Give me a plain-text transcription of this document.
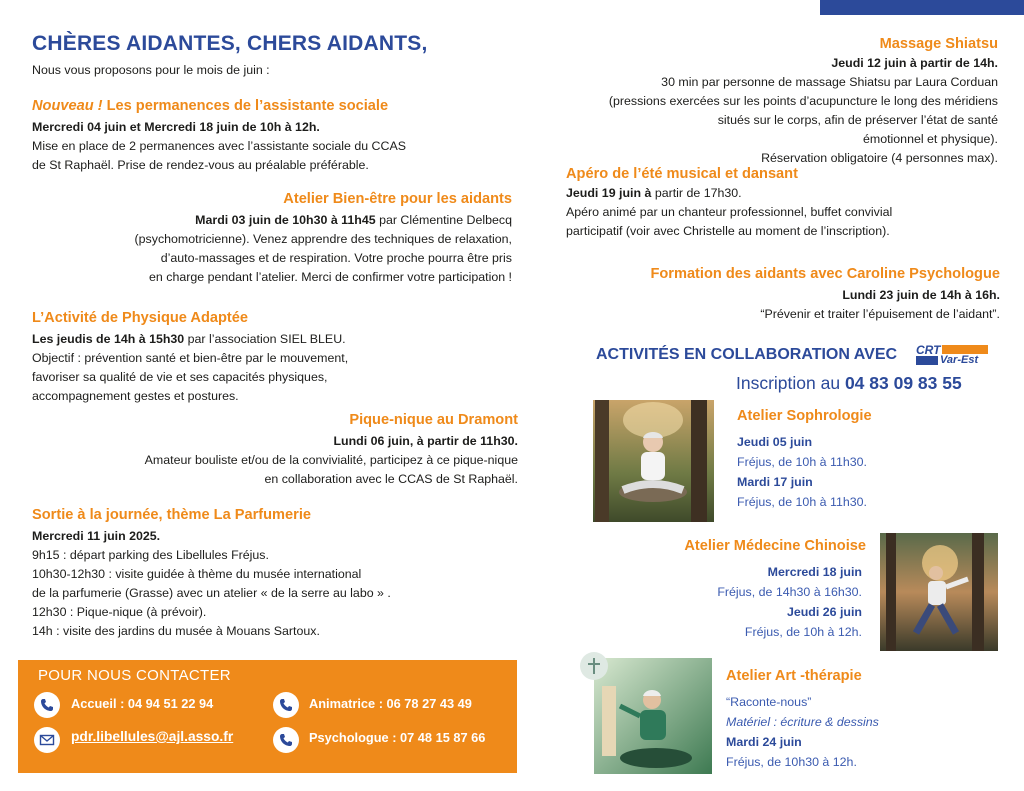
CHÈRES AIDANTES, CHERS AIDANTS,
Nous vous proposons pour le mois de juin :
Nouveau ! Les permanences de l’assistante sociale
Mercredi 04 juin et Mercredi 18 juin de 10h à 12h.
Mise en place de 2 permanences avec l’assistante sociale du CCAS
de St Raphaël. Prise de rendez-vous au préalable préférable.
Atelier Bien-être pour les aidants
Mardi 03 juin de 10h30 à 11h45 par Clémentine Delbecq
(psychomotricienne). Venez apprendre des techniques de relaxation,
d’auto-massages et de respiration. Votre proche pourra être pris
en charge pendant l’atelier. Merci de confirmer votre participation !
L’Activité de Physique Adaptée
Les jeudis de 14h à 15h30 par l’association SIEL BLEU.
Objectif : prévention santé et bien-être par le mouvement,
favoriser sa qualité de vie et ses capacités physiques,
accompagnement gestes et postures.
Pique-nique au Dramont
Lundi 06 juin, à partir de 11h30.
Amateur bouliste et/ou de la convivialité, participez à ce pique-nique
en collaboration avec le CCAS de St Raphaël.
Sortie à la journée, thème La Parfumerie
Mercredi 11 juin 2025.
9h15 : départ parking des Libellules Fréjus.
10h30-12h30 : visite guidée à thème du musée international
de la parfumerie (Grasse) avec un atelier « de la serre au labo » .
12h30 : Pique-nique (à prévoir).
14h : visite des jardins du musée à Mouans Sartoux.
POUR NOUS CONTACTER
Accueil : 04 94 51 22 94	Animatrice : 06 78 27 43 49
pdr.libellules@ajl.asso.fr	Psychologue : 07 48 15 87 66
Massage Shiatsu
Jeudi 12 juin à partir de 14h.
30 min par personne de massage Shiatsu par Laura Corduan
(pressions exercées sur les points d’acupuncture le long des méridiens
situés sur le corps, afin de préserver l’état de santé
émotionnel et physique).
Réservation obligatoire (4 personnes max).
Apéro de l’été musical et dansant
Jeudi 19 juin à partir de 17h30.
Apéro animé par un chanteur professionnel, buffet convivial
participatif (voir avec Christelle au moment de l’inscription).
Formation des aidants avec Caroline Psychologue
Lundi 23 juin de 14h à 16h.
“Prévenir et traiter l’épuisement de l’aidant”.
ACTIVITÉS EN COLLABORATION AVEC CRT
Var-Est
Inscription au 04 83 09 83 55
Atelier Sophrologie
Jeudi 05 juin
Fréjus, de 10h à 11h30.
Mardi 17 juin
Fréjus, de 10h à 11h30.
Atelier Médecine Chinoise
Mercredi 18 juin
Fréjus, de 14h30 à 16h30.
Jeudi 26 juin
Fréjus, de 10h à 12h.
Atelier Art -thérapie
“Raconte-nous”
Matériel : écriture & dessins
Mardi 24 juin
Fréjus, de 10h30 à 12h.
